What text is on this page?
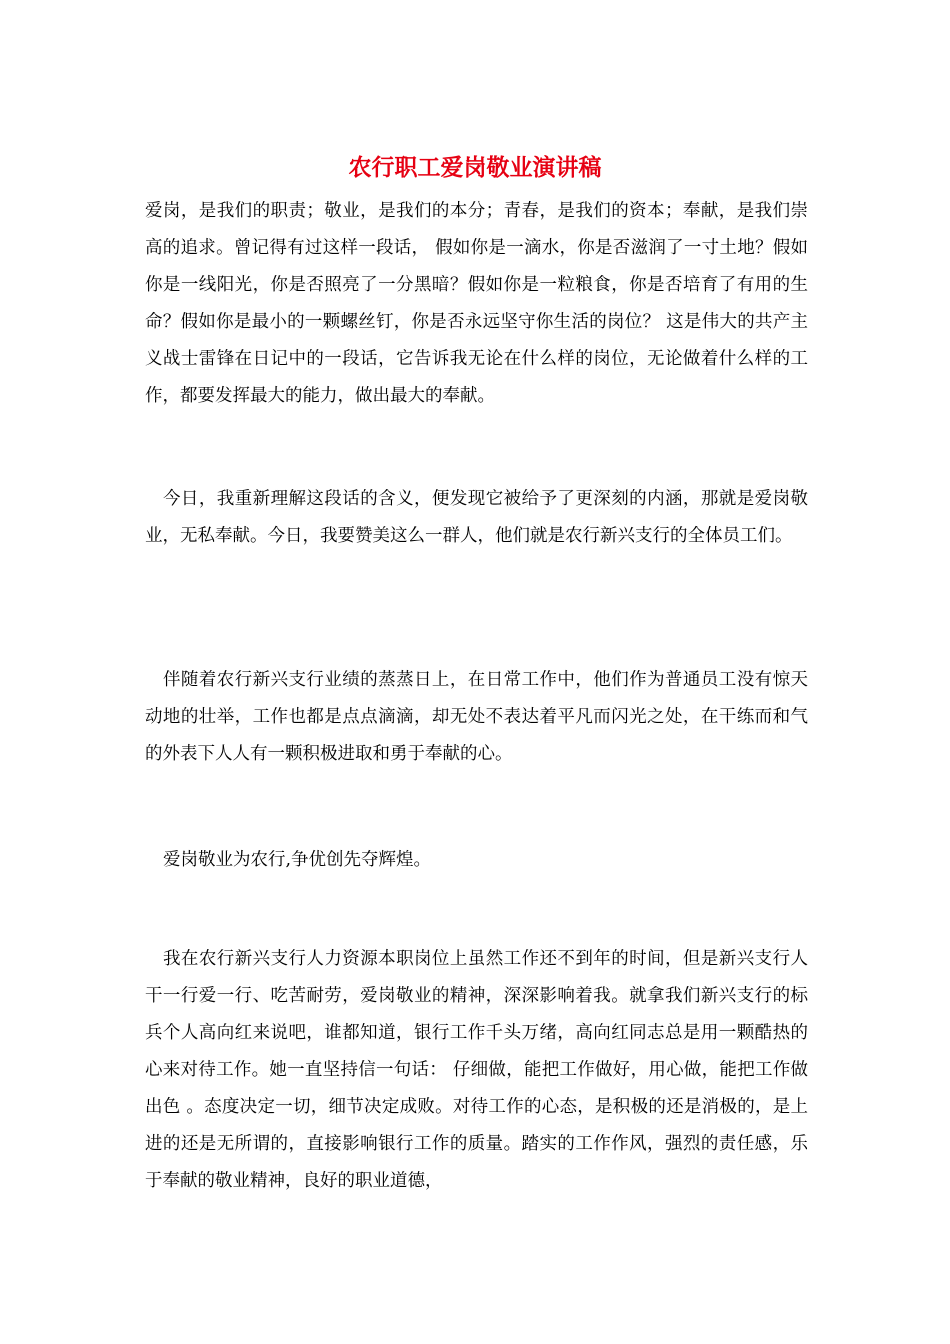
农行职工爱岗敬业演讲稿

爱岗，是我们的职责；敬业，是我们的本分；青春，是我们的资本；奉献，是我们崇高的追求。曾记得有过这样一段话， 假如你是一滴水，你是否滋润了一寸土地？假如你是一线阳光，你是否照亮了一分黑暗？假如你是一粒粮食，你是否培育了有用的生命？假如你是最小的一颗螺丝钉，你是否永远坚守你生活的岗位？ 这是伟大的共产主义战士雷锋在日记中的一段话，它告诉我无论在什么样的岗位，无论做着什么样的工作，都要发挥最大的能力，做出最大的奉献。

今日，我重新理解这段话的含义，便发现它被给予了更深刻的内涵，那就是爱岗敬业，无私奉献。今日，我要赞美这么一群人，他们就是农行新兴支行的全体员工们。

伴随着农行新兴支行业绩的蒸蒸日上，在日常工作中，他们作为普通员工没有惊天动地的壮举，工作也都是点点滴滴，却无处不表达着平凡而闪光之处，在干练而和气的外表下人人有一颗积极进取和勇于奉献的心。

爱岗敬业为农行,争优创先夺辉煌。

我在农行新兴支行人力资源本职岗位上虽然工作还不到年的时间，但是新兴支行人干一行爱一行、吃苦耐劳，爱岗敬业的精神，深深影响着我。就拿我们新兴支行的标兵个人高向红来说吧，谁都知道，银行工作千头万绪，高向红同志总是用一颗酷热的心来对待工作。她一直坚持信一句话： 仔细做，能把工作做好，用心做，能把工作做出色 。态度决定一切，细节决定成败。对待工作的心态，是积极的还是消极的，是上进的还是无所谓的，直接影响银行工作的质量。踏实的工作作风，强烈的责任感，乐于奉献的敬业精神，良好的职业道德，
